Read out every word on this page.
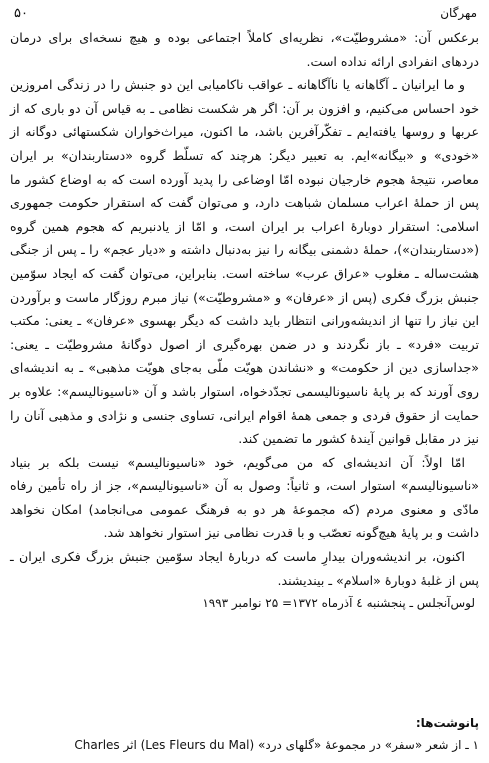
۵۰	مهرگان

برعکس آن: «مشروطیّت»، نظریه‌ای کاملاً اجتماعی بوده و هیچ نسخه‌ای برای درمان دردهای انفرادی ارائه نداده است.

و ما ایرانیان ـ آگاهانه یا ناآگاهانه ـ عواقب ناکامیابی این دو جنبش را در زندگی امروزین خود احساس می‌کنیم، و افزون بر آن: اگر هر شکست نظامی ـ به قیاس آن دو باری که از عربها و روسها یافته‌ایم ـ تفکّرآفرین باشد، ما اکنون، میراث‌خواران شکستهائی دوگانه از «خودی» و «بیگانه»ایم. به تعبیر دیگر: هرچند که تسلّط گروه «دستاربندان» بر ایران معاصر، نتیجهٔ هجوم خارجیان نبوده امّا اوضاعی را پدید آورده است که به اوضاع کشور ما پس از حملهٔ اعراب مسلمان شباهت دارد، و می‌توان گفت که استقرار حکومت جمهوری اسلامی: استقرار دوبارهٔ اعراب بر ایران است، و امّا از یادنبریم که هجوم همین گروه («دستاربندان»)، حملهٔ دشمنی بیگانه را نیز به‌دنبال داشته و «دیار عجم» را ـ پس از جنگی هشت‌ساله ـ مغلوب «عراق عرب» ساخته است. بنابراین، می‌توان گفت که ایجاد سوّمین جنبش بزرگ فکری (پس از «عرفان» و «مشروطیّت») نیاز مبرم روزگار ماست و برآوردن این نیاز را تنها از اندیشه‌ورانی انتظار باید داشت که دیگر بهسوی «عرفان» ـ یعنی: مکتب تربیت «فرد» ـ باز نگردند و در ضمن بهره‌گیری از اصول دوگانهٔ مشروطیّت ـ یعنی: «جداسازی دین از حکومت» و «نشاندن هویّت ملّی به‌جای هویّت مذهبی» ـ به اندیشه‌ای روی آورند که بر پایهٔ ناسیونالیسمی تجدّدخواه، استوار باشد و آن «ناسیونالیسم»: علاوه بر حمایت از حقوق فردی و جمعی همهٔ اقوام ایرانی، تساوی جنسی و نژادی و مذهبی آنان را نیز در مقابل قوانین آیندهٔ کشور ما تضمین کند.

امّا اولاً: آن اندیشه‌ای که من می‌گویم، خود «ناسیونالیسم» نیست بلکه بر بنیاد «ناسیونالیسم» استوار است، و ثانیاً: وصول به آن «ناسیونالیسم»، جز از راه تأمین رفاه مادّی و معنوی مردم (که مجموعهٔ هر دو به فرهنگ عمومی می‌انجامد) امکان نخواهد داشت و بر پایهٔ هیچ‌گونه تعصّب و با قدرت نظامی نیز استوار نخواهد شد.

اکنون، بر اندیشه‌وران بیدارِ ماست که دربارهٔ ایجاد سوّمین جنبش بزرگ فکری ایران ـ پس از غلبهٔ دوبارهٔ «اسلام» ـ بیندیشند.

لوس‌آنجلس ـ پنجشنبه ٤ آذرماه ۱۳۷۲= ۲۵ نوامبر ۱۹۹۳

پانوشت‌ها:
۱ ـ از شعر «سفر» در مجموعهٔ «گلهای درد» (Les Fleurs du Mal) اثر Charles
